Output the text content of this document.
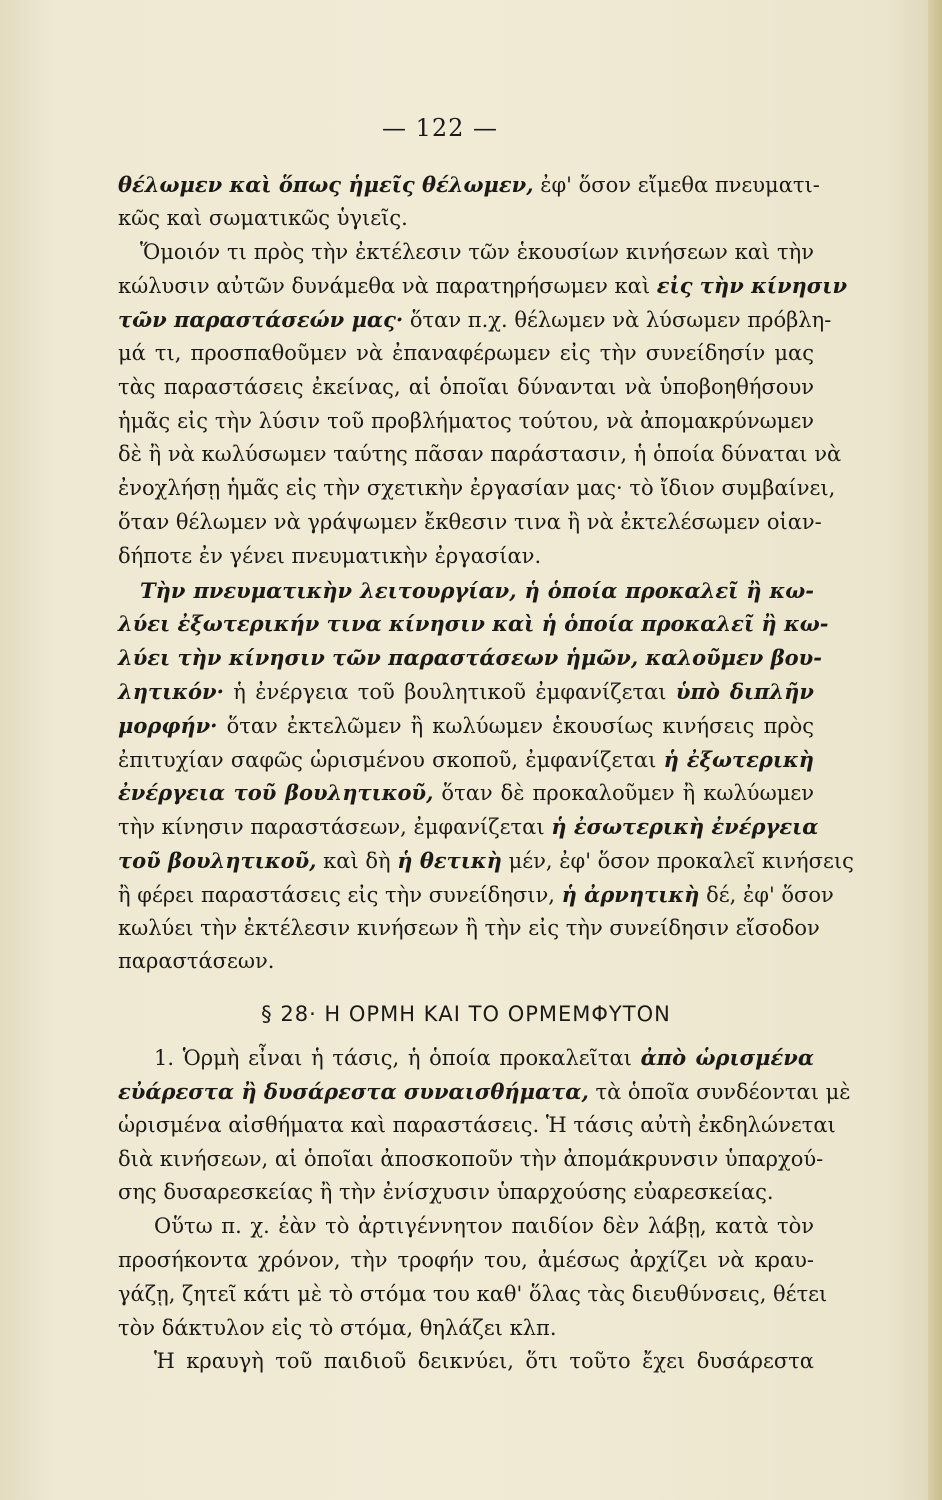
— 122 —
θέλωμεν καὶ ὅπως ἡμεῖς θέλωμεν, ἐφ' ὅσον εἴμεθα πνευματι-
κῶς καὶ σωματικῶς ὑγιεῖς.
Ὅμοιόν τι πρὸς τὴν ἐκτέλεσιν τῶν ἑκουσίων κινήσεων καὶ τὴν
κώλυσιν αὐτῶν δυνάμεθα νὰ παρατηρήσωμεν καὶ εἰς τὴν κίνησιν
τῶν παραστάσεών μας· ὅταν π.χ. θέλωμεν νὰ λύσωμεν πρόβλη-
μά τι, προσπαθοῦμεν νὰ ἐπαναφέρωμεν εἰς τὴν συνείδησίν μας
τὰς παραστάσεις ἐκείνας, αἱ ὁποῖαι δύνανται νὰ ὑποβοηθήσουν
ἡμᾶς εἰς τὴν λύσιν τοῦ προβλήματος τούτου, νὰ ἀπομακρύνωμεν
δὲ ἢ νὰ κωλύσωμεν ταύτης πᾶσαν παράστασιν, ἡ ὁποία δύναται νὰ
ἐνοχλήσῃ ἡμᾶς εἰς τὴν σχετικὴν ἐργασίαν μας· τὸ ἴδιον συμβαίνει,
ὅταν θέλωμεν νὰ γράψωμεν ἔκθεσιν τινα ἢ νὰ ἐκτελέσωμεν οἱαν-
δήποτε ἐν γένει πνευματικὴν ἐργασίαν.
Τὴν πνευματικὴν λειτουργίαν, ἡ ὁποία προκαλεῖ ἢ κω-
λύει ἐξωτερικήν τινα κίνησιν καὶ ἡ ὁποία προκαλεῖ ἢ κω-
λύει τὴν κίνησιν τῶν παραστάσεων ἡμῶν, καλοῦμεν βου-
λητικόν· ἡ ἐνέργεια τοῦ βουλητικοῦ ἐμφανίζεται ὑπὸ διπλῆν
μορφήν· ὅταν ἐκτελῶμεν ἢ κωλύωμεν ἑκουσίως κινήσεις πρὸς
ἐπιτυχίαν σαφῶς ὡρισμένου σκοποῦ, ἐμφανίζεται ἡ ἐξωτερικὴ
ἐνέργεια τοῦ βουλητικοῦ, ὅταν δὲ προκαλοῦμεν ἢ κωλύωμεν
τὴν κίνησιν παραστάσεων, ἐμφανίζεται ἡ ἐσωτερικὴ ἐνέργεια
τοῦ βουλητικοῦ, καὶ δὴ ἡ θετικὴ μέν, ἐφ' ὅσον προκαλεῖ κινήσεις
ἢ φέρει παραστάσεις εἰς τὴν συνείδησιν, ἡ ἀρνητικὴ δέ, ἐφ' ὅσον
κωλύει τὴν ἐκτέλεσιν κινήσεων ἢ τὴν εἰς τὴν συνείδησιν εἴσοδον
παραστάσεων.
§ 28· Η ΟΡΜΗ ΚΑΙ ΤΟ ΟΡΜΕΜΦΥΤΟΝ
1. Ὁρμὴ εἶναι ἡ τάσις, ἡ ὁποία προκαλεῖται ἀπὸ ὡρισμένα
εὐάρεστα ἢ δυσάρεστα συναισθήματα, τὰ ὁποῖα συνδέονται μὲ
ὡρισμένα αἰσθήματα καὶ παραστάσεις. Ἡ τάσις αὐτὴ ἐκδηλώνεται
διὰ κινήσεων, αἱ ὁποῖαι ἀποσκοποῦν τὴν ἀπομάκρυνσιν ὑπαρχού-
σης δυσαρεσκείας ἢ τὴν ἐνίσχυσιν ὑπαρχούσης εὐαρεσκείας.
Οὕτω π. χ. ἐὰν τὸ ἀρτιγέννητον παιδίον δὲν λάβῃ, κατὰ τὸν
προσήκοντα χρόνον, τὴν τροφήν του, ἀμέσως ἀρχίζει νὰ κραυ-
γάζῃ, ζητεῖ κάτι μὲ τὸ στόμα του καθ' ὅλας τὰς διευθύνσεις, θέτει
τὸν δάκτυλον εἰς τὸ στόμα, θηλάζει κλπ.
Ἡ κραυγὴ τοῦ παιδιοῦ δεικνύει, ὅτι τοῦτο ἔχει δυσάρεστα
